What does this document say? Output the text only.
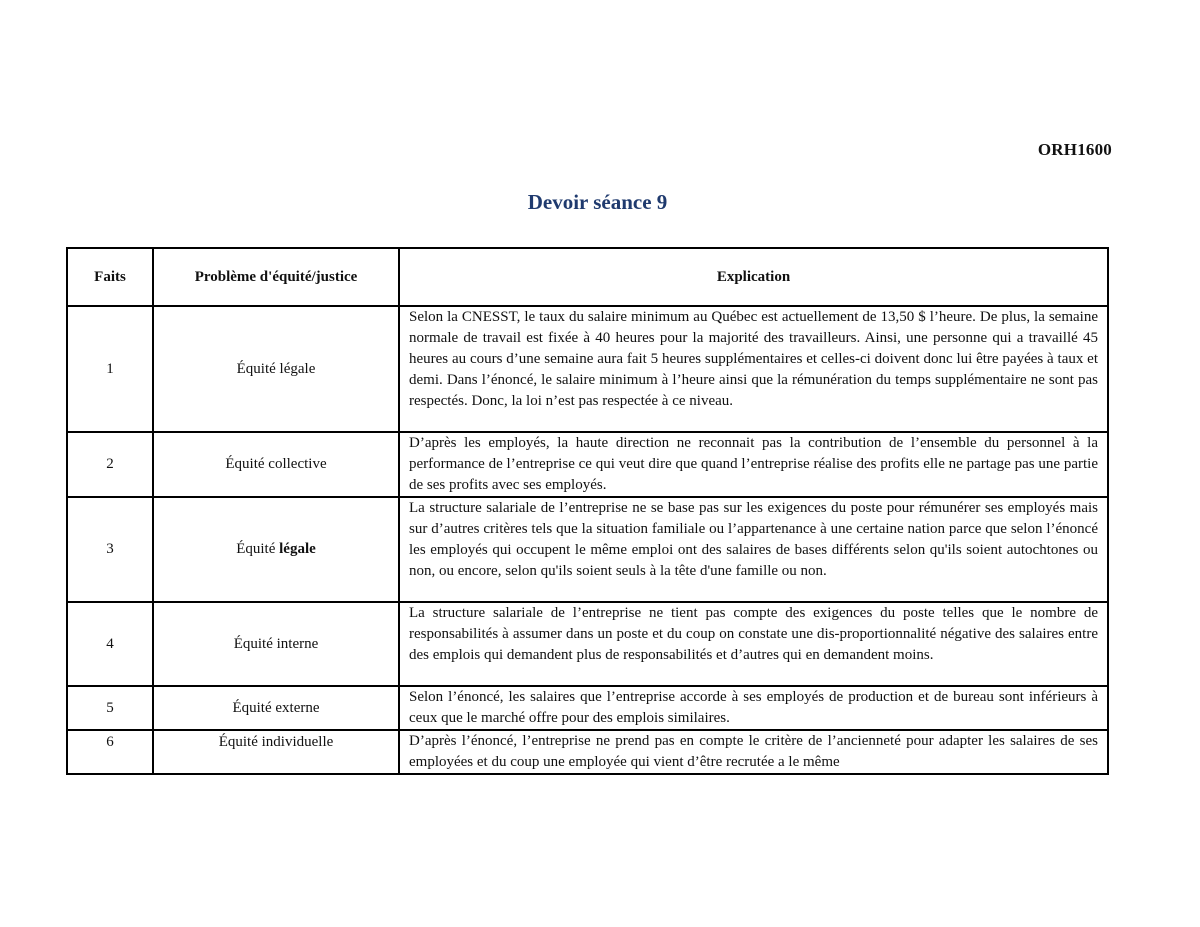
ORH1600
Devoir séance 9
Faits	Problème d'équité/justice	Explication
1	Équité légale	Selon la CNESST, le taux du salaire minimum au Québec est actuellement de 13,50 $ l’heure. De plus, la semaine normale de travail est fixée à 40 heures pour la majorité des travailleurs. Ainsi, une personne qui a travaillé 45 heures au cours d’une semaine aura fait 5 heures supplémentaires et celles-ci doivent donc lui être payées à taux et demi. Dans l’énoncé, le salaire minimum à l’heure ainsi que la rémunération du temps supplémentaire ne sont pas respectés. Donc, la loi n’est pas respectée à ce niveau.
2	Équité collective	D’après les employés, la haute direction ne reconnait pas la contribution de l’ensemble du personnel à la performance de l’entreprise ce qui veut dire que quand l’entreprise réalise des profits elle ne partage pas une partie de ses profits avec ses employés.
3	Équité légale	La structure salariale de l’entreprise ne se base pas sur les exigences du poste pour rémunérer ses employés mais sur d’autres critères tels que la situation familiale ou l’appartenance à une certaine nation parce que selon l’énoncé les employés qui occupent le même emploi ont des salaires de bases différents selon qu'ils soient autochtones ou non, ou encore, selon qu'ils soient seuls à la tête d'une famille ou non.
4	Équité interne	La structure salariale de l’entreprise ne tient pas compte des exigences du poste telles que le nombre de responsabilités à assumer dans un poste et du coup on constate une dis-proportionnalité négative des salaires entre des emplois qui demandent plus de responsabilités et d’autres qui en demandent moins.
5	Équité externe	Selon l’énoncé, les salaires que l’entreprise accorde à ses employés de production et de bureau sont inférieurs à ceux que le marché offre pour des emplois similaires.
6	Équité individuelle	D’après l’énoncé, l’entreprise ne prend pas en compte le critère de l’ancienneté pour adapter les salaires de ses employées et du coup une employée qui vient d’être recrutée a le même
